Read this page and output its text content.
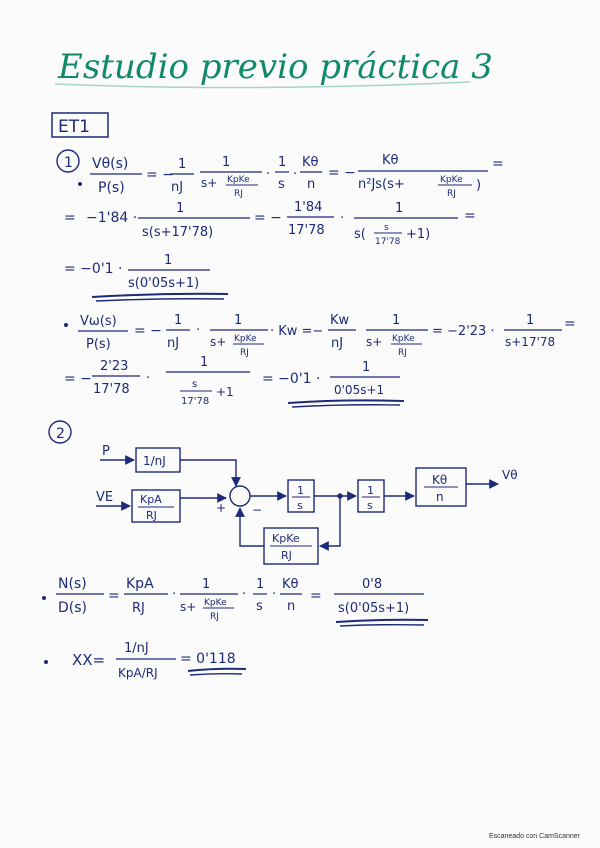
Estudio previo práctica 3
ET1
1 Vθ(s)
P(s)
= −
1
nJ
1
s+ KpKe
RJ
·
1
s
·
Kθ
n
= −
Kθ
n²Js(s+	KpKe
RJ
)
=
= −1'84 ·
1
s(s+17'78)
= −
1'84
17'78
·
1
s( s
17'78 +1)
=
= −0'1 ·
1
s(0'05s+1)
Vω(s)
P(s)
= −
1
nJ
·
1
s+ KpKe
RJ
· Kw =−
Kw
nJ
1
s+ KpKe
RJ
= −2'23 ·
1
s+17'78
=
= −
2'23
17'78
·
1
s
17'78
+1
= −0'1 ·
1
0'05s+1
2
P
1/nJ
VE KpA
RJ
+ −
1
s
1
s
Kθ
n
Vθ
KpKe
RJ
N(s)
D(s)
=
KpA
RJ
·
1
s+ KpKe
RJ
·
1
s
·
Kθ
n
=
0'8
s(0'05s+1)
XX=
1/nJ
KpA/RJ
= 0'118
Escaneado con CamScanner
